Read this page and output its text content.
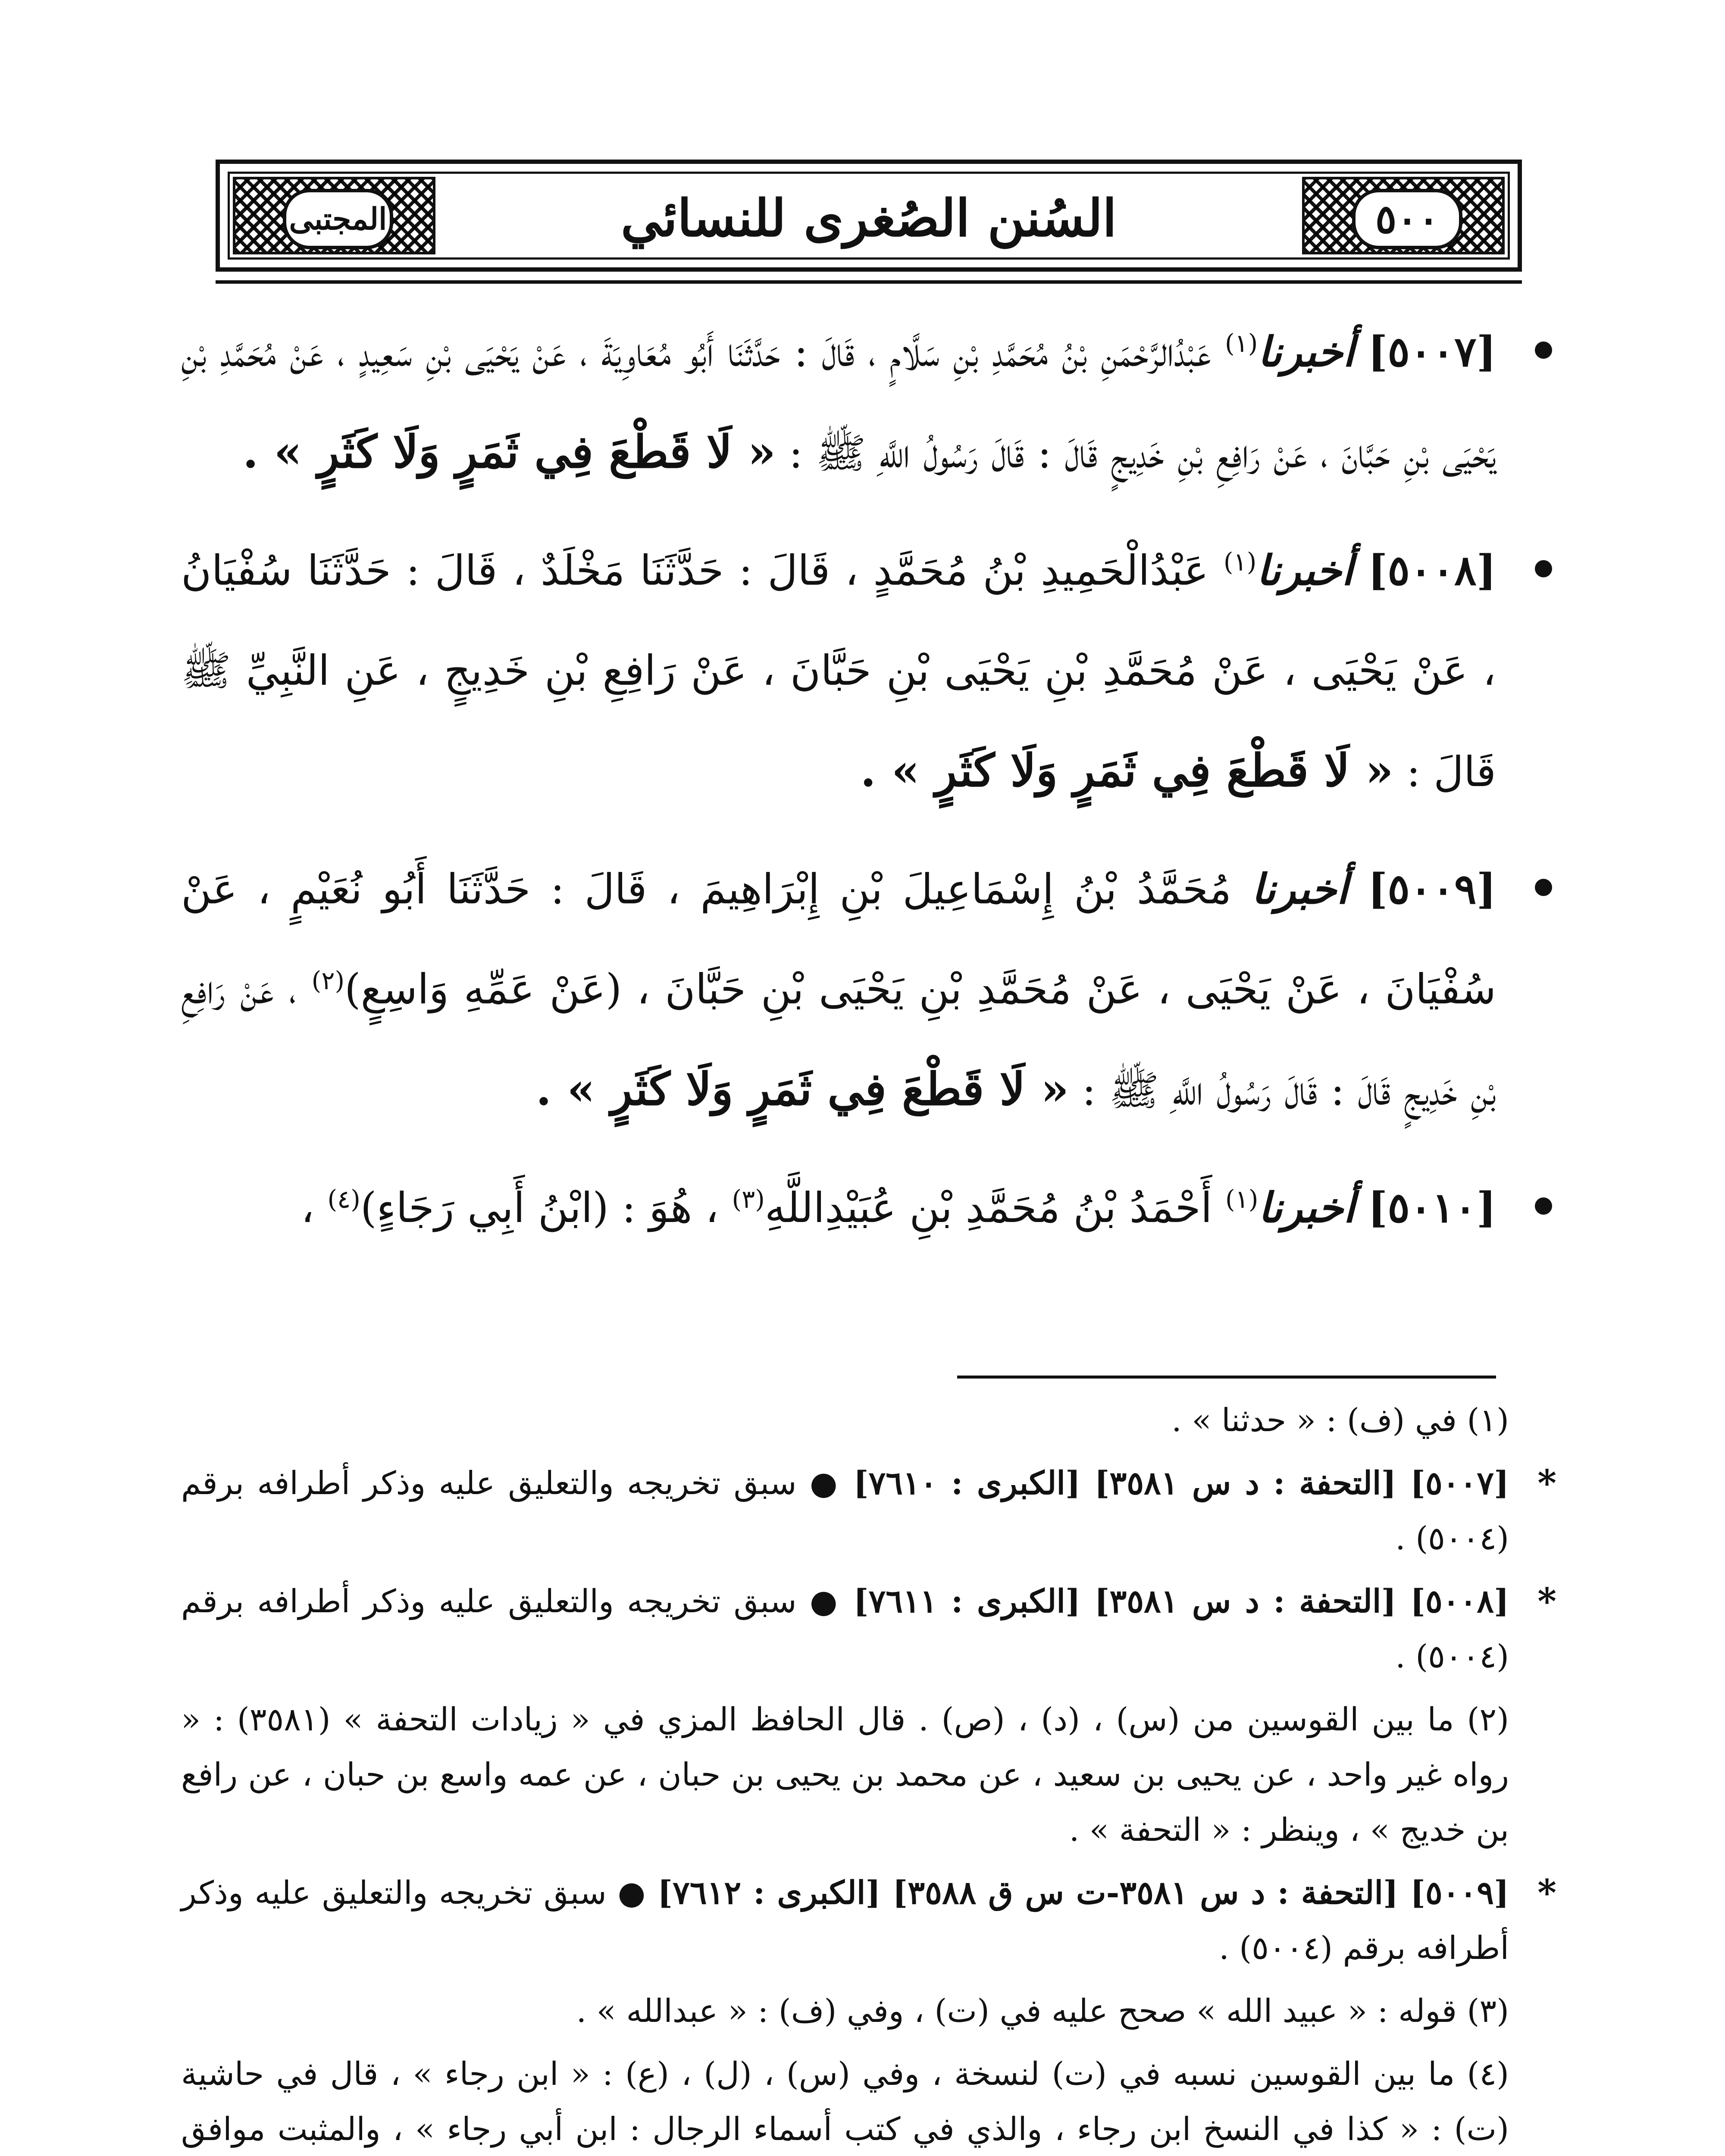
المجتبى	السُنن الصُغرى للنسائي	٥٠٠
[٥٠٠٧] أخبرنا$^{(١)}$ عَبْدُالرَّحْمَنِ بْنُ مُحَمَّدِ بْنِ سَلَّامٍ ، قَالَ : حَدَّثَنَا أَبُو مُعَاوِيَةَ ، عَنْ يَحْيَى بْنِ سَعِيدٍ ، عَنْ مُحَمَّدِ بْنِ يَحْيَى بْنِ حَبَّانَ ، عَنْ رَافِعِ بْنِ خَدِيجٍ قَالَ : قَالَ رَسُولُ اللَّهِ ﷺ : « لَا قَطْعَ فِي ثَمَرٍ وَلَا كَثَرٍ » .
[٥٠٠٨] أخبرنا$^{(١)}$ عَبْدُالْحَمِيدِ بْنُ مُحَمَّدٍ ، قَالَ : حَدَّثَنَا مَخْلَدٌ ، قَالَ : حَدَّثَنَا سُفْيَانُ ، عَنْ يَحْيَى ، عَنْ مُحَمَّدِ بْنِ يَحْيَى بْنِ حَبَّانَ ، عَنْ رَافِعِ بْنِ خَدِيجٍ ، عَنِ النَّبِيِّ ﷺ قَالَ : « لَا قَطْعَ فِي ثَمَرٍ وَلَا كَثَرٍ » .
[٥٠٠٩] أخبرنا مُحَمَّدُ بْنُ إِسْمَاعِيلَ بْنِ إِبْرَاهِيمَ ، قَالَ : حَدَّثَنَا أَبُو نُعَيْمٍ ، عَنْ سُفْيَانَ ، عَنْ يَحْيَى ، عَنْ مُحَمَّدِ بْنِ يَحْيَى بْنِ حَبَّانَ ، (عَنْ عَمِّهِ وَاسِعٍ)$^{(٢)}$ ، عَنْ رَافِعِ بْنِ خَدِيجٍ قَالَ : قَالَ رَسُولُ اللَّهِ ﷺ : « لَا قَطْعَ فِي ثَمَرٍ وَلَا كَثَرٍ » .
[٥٠١٠] أخبرنا$^{(١)}$ أَحْمَدُ بْنُ مُحَمَّدِ بْنِ عُبَيْدِاللَّهِ$^{(٣)}$ ، هُوَ : (ابْنُ أَبِي رَجَاءٍ)$^{(٤)}$ ،
(١) في (ف) : « حدثنا » .
*
[٥٠٠٧] [التحفة : د س ٣٥٨١] [الكبرى : ٧٦١٠] ● سبق تخريجه والتعليق عليه وذكر أطرافه برقم (٥٠٠٤) .
*
[٥٠٠٨] [التحفة : د س ٣٥٨١] [الكبرى : ٧٦١١] ● سبق تخريجه والتعليق عليه وذكر أطرافه برقم (٥٠٠٤) .
(٢) ما بين القوسين من (س) ، (د) ، (ص) . قال الحافظ المزي في « زيادات التحفة » (٣٥٨١) : « رواه غير واحد ، عن يحيى بن سعيد ، عن محمد بن يحيى بن حبان ، عن عمه واسع بن حبان ، عن رافع بن خديج » ، وينظر : « التحفة » .
*
[٥٠٠٩] [التحفة : د س ٣٥٨١-ت س ق ٣٥٨٨] [الكبرى : ٧٦١٢] ● سبق تخريجه والتعليق عليه وذكر أطرافه برقم (٥٠٠٤) .
(٣) قوله : « عبيد الله » صحح عليه في (ت) ، وفي (ف) : « عبدالله » .
(٤) ما بين القوسين نسبه في (ت) لنسخة ، وفي (س) ، (ل) ، (ع) : « ابن رجاء » ، قال في حاشية (ت) : « كذا في النسخ ابن رجاء ، والذي في كتب أسماء الرجال : ابن أبي رجاء » ، والمثبت موافق
